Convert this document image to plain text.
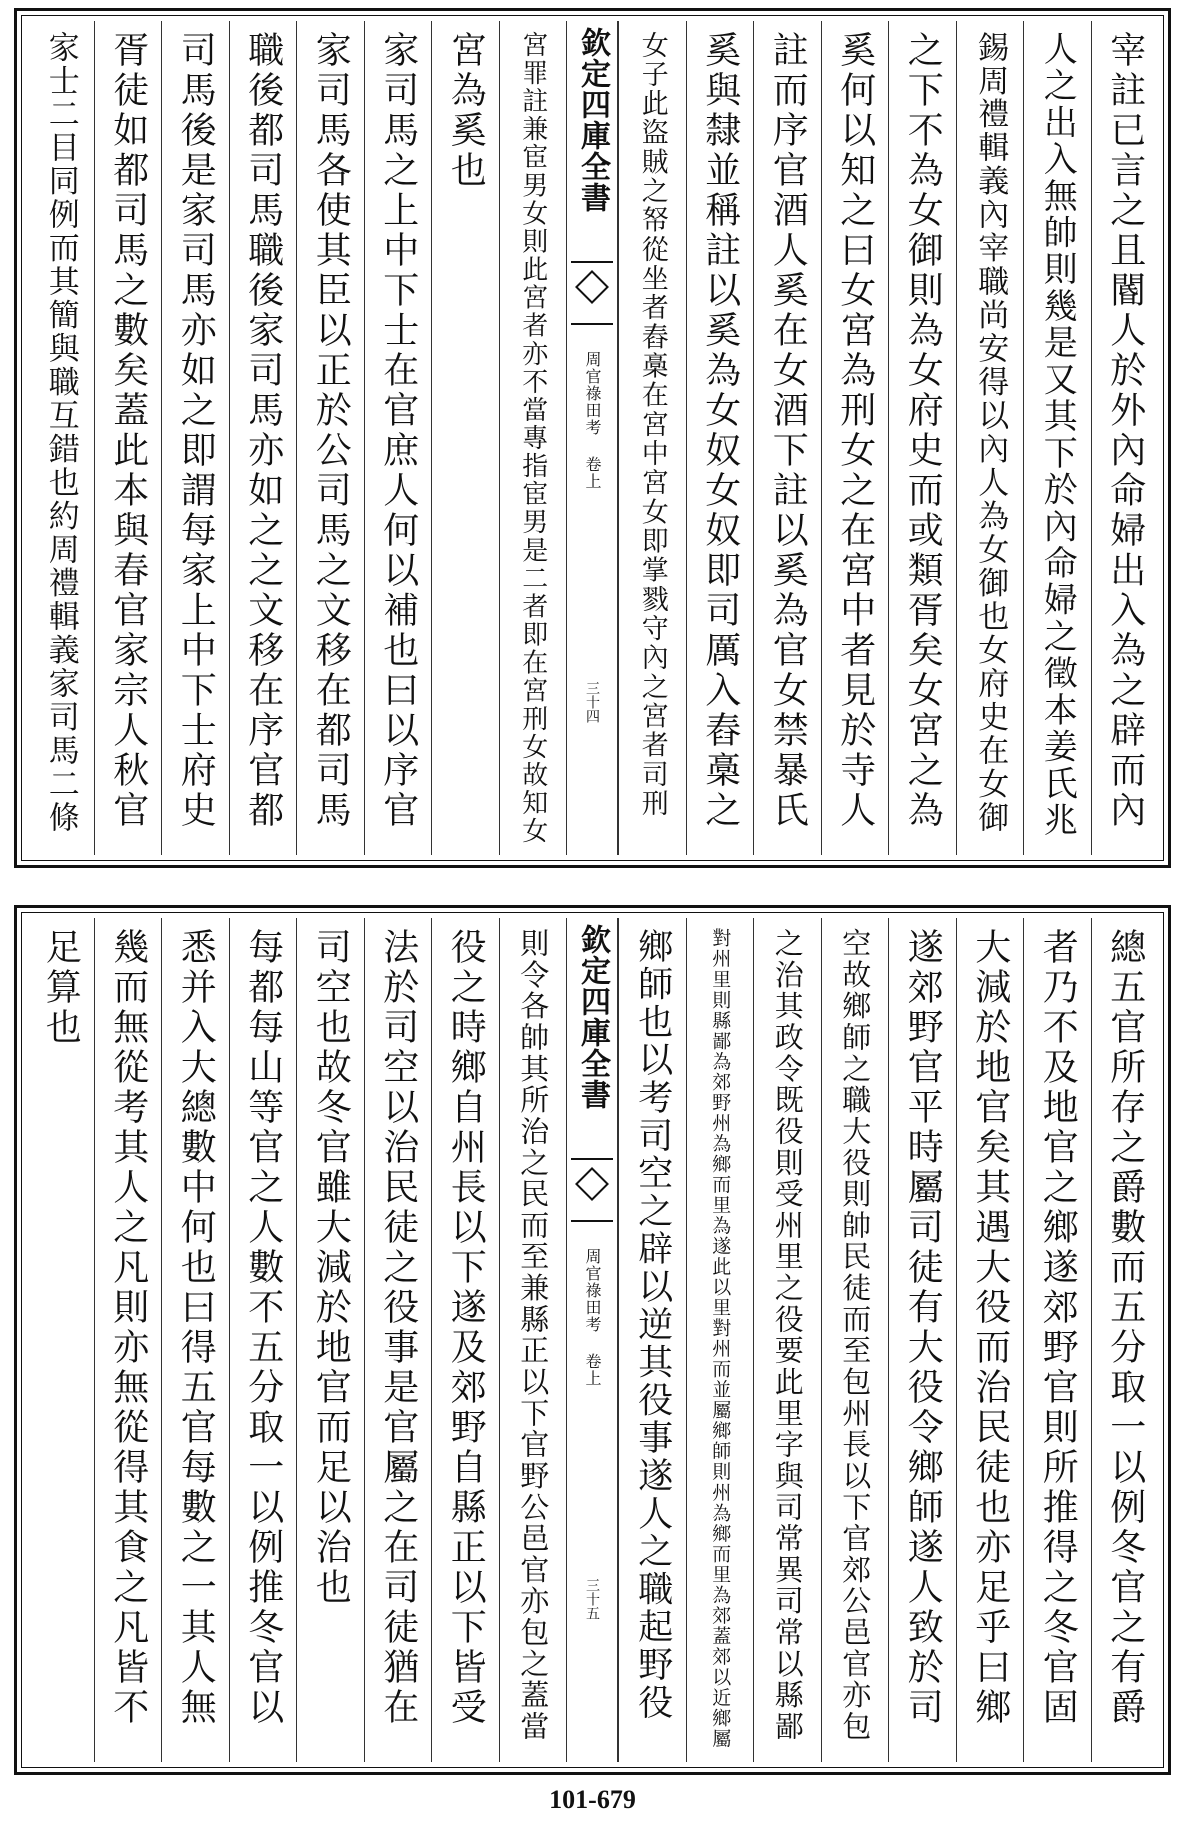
宰註已言之且閽人於外內命婦出入為之辟而內
人之出入無帥則幾是又其下於內命婦之徵本姜氏兆
錫周禮輯義內宰職尚安得以內人為女御也女府史在女御
之下不為女御則為女府史而或類胥矣女宮之為
奚何以知之曰女宮為刑女之在宮中者見於寺人
註而序官酒人奚在女酒下註以奚為官女禁暴氏
奚與隸並稱註以奚為女奴女奴即司厲入舂槀之
女子此盜賊之帑從坐者舂槀在宮中宮女即掌戮守內之宮者司刑
欽定四庫全書
周官祿田考 卷上
三十四
宮罪註兼宦男女則此宮者亦不當專指宦男是二者即在宮刑女故知女
宮為奚也
家司馬之上中下士在官庶人何以補也曰以序官
家司馬各使其臣以正於公司馬之文移在都司馬
職後都司馬職後家司馬亦如之之文移在序官都
司馬後是家司馬亦如之即謂每家上中下士府史
胥徒如都司馬之數矣蓋此本與春官家宗人秋官
家士二目同例而其簡與職互錯也約周禮輯義家司馬二條
總五官所存之爵數而五分取一以例冬官之有爵
者乃不及地官之鄉遂郊野官則所推得之冬官固
大減於地官矣其遇大役而治民徒也亦足乎曰鄉
遂郊野官平時屬司徒有大役令鄉師遂人致於司
空故鄉師之職大役則帥民徒而至包州長以下官郊公邑官亦包
之治其政令既役則受州里之役要此里字與司常異司常以縣鄙
對州里則縣鄙為郊野州為鄉而里為遂此以里對州而並屬鄉師則州為鄉而里為郊蓋郊以近鄉屬
鄉師也以考司空之辟以逆其役事遂人之職起野役
欽定四庫全書
周官祿田考 卷上
三十五
則令各帥其所治之民而至兼縣正以下官野公邑官亦包之蓋當
役之時鄉自州長以下遂及郊野自縣正以下皆受
法於司空以治民徒之役事是官屬之在司徒猶在
司空也故冬官雖大減於地官而足以治也
每都每山等官之人數不五分取一以例推冬官以
悉并入大總數中何也曰得五官每數之一其人無
幾而無從考其人之凡則亦無從得其食之凡皆不
足算也
101-679
